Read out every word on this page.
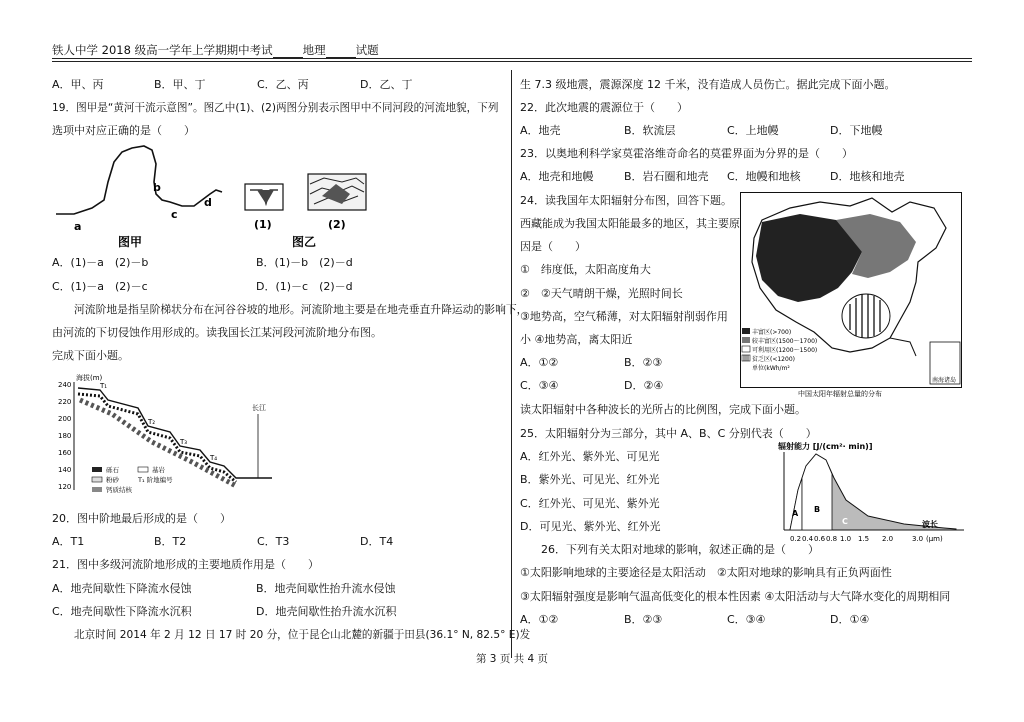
铁人中学 2018 级高一学年上学期期中考试	地理	试题
A．甲、丙	B．甲、丁	C．乙、丙	D．乙、丁
19．图甲是“黄河干流示意图”。图乙中(1)、(2)两图分别表示图甲中不同河段的河流地貌，下列
选项中对应正确的是（　　）
a
b
c
d
图甲
(1)	(2)
图乙
A．(1)－a　(2)－b	B．(1)－b　(2)－d
C．(1)－a　(2)－c	D．(1)－c　(2)－d
河流阶地是指呈阶梯状分布在河谷谷坡的地形。河流阶地主要是在地壳垂直升降运动的影响下，
由河流的下切侵蚀作用形成的。读我国长江某河段河流阶地分布图。
完成下面小题。
海拔(m)
240
220
200
180
160
140
120
T₁
T₂
T₃
T₄
长江
砾石	基岩
粉砂	T₁ 阶地编号
钙质结核
20．图中阶地最后形成的是（　　）
A．T1	B．T2	C．T3	D．T4
21．图中多级河流阶地形成的主要地质作用是（　　）
A．地壳间歇性下降流水侵蚀	B．地壳间歇性抬升流水侵蚀
C．地壳间歇性下降流水沉积	D．地壳间歇性抬升流水沉积
北京时间 2014 年 2 月 12 日 17 时 20 分，位于昆仑山北麓的新疆于田县(36.1° N, 82.5° E)发
生 7.3 级地震，震源深度 12 千米，没有造成人员伤亡。据此完成下面小题。
22．此次地震的震源位于（　　）
A．地壳	B．软流层	C．上地幔	D．下地幔
23．以奥地利科学家莫霍洛维奇命名的莫霍界面为分界的是（　　）
A．地壳和地幔	B．岩石圈和地壳 C．地幔和地核	D．地核和地壳
24．读我国年太阳辐射分布图，回答下题。
西藏能成为我国太阳能最多的地区，其主要原
因是（　　）
①　纬度低，太阳高度角大
②　②天气晴朗干燥，光照时间长
③地势高，空气稀薄，对太阳辐射削弱作用
小 ④地势高，离太阳近
A．①②	B．②③
C．③④	D．②④	南海诸岛
丰富区(>700)
较丰富区(1500～1700)
可利用区(1200～1500)
贫乏区(<1200)
单位(kWh/m²
中国太阳年辐射总量的分布
读太阳辐射中各种波长的光所占的比例图，完成下面小题。
25．太阳辐射分为三部分，其中 A、B、C 分别代表（　　）
A．红外光、紫外光、可见光
B．紫外光、可见光、红外光
C．红外光、可见光、紫外光
D．可见光、紫外光、红外光
辐射能力 [J/(cm²· min)]
A B
C
0.2 0.4 0.6 0.8 1.0 1.5 2.0	3.0
波长
(μm)
26．下列有关太阳对地球的影响，叙述正确的是（　　）
①太阳影响地球的主要途径是太阳活动　②太阳对地球的影响具有正负两面性
③太阳辐射强度是影响气温高低变化的根本性因素 ④太阳活动与大气降水变化的周期相同
A．①②	B．②③	C．③④	D．①④
第 3 页 共 4 页
